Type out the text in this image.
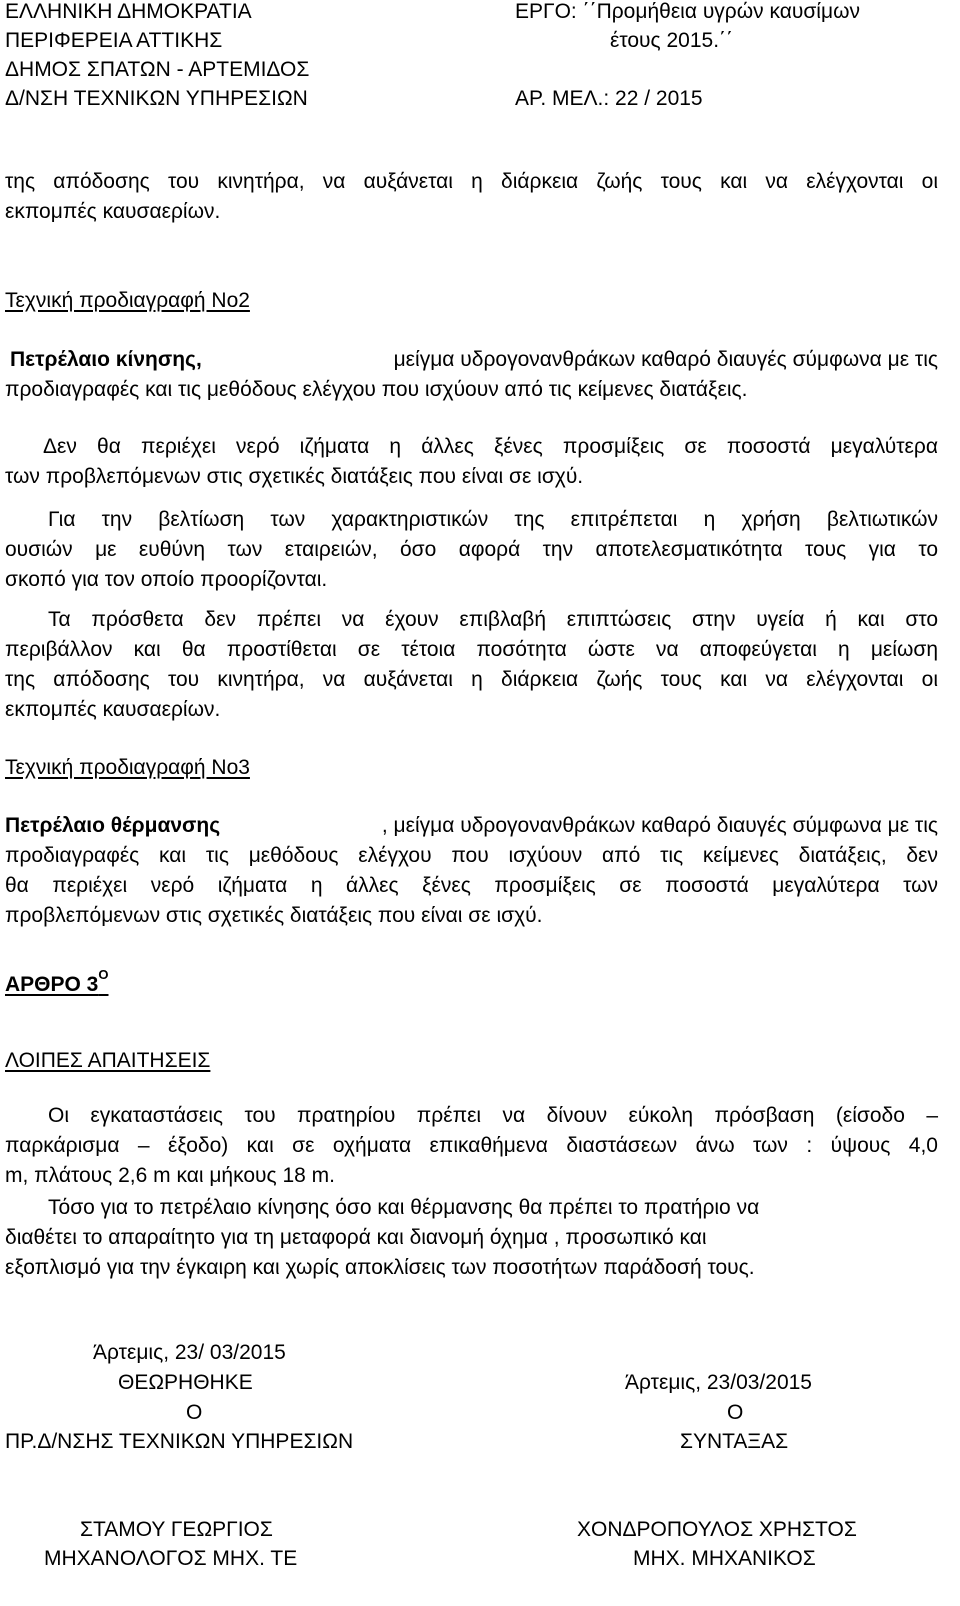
ΕΛΛΗΝΙΚΗ ΔΗΜΟΚΡΑΤΙΑ
ΠΕΡΙΦΕΡΕΙΑ ΑΤΤΙΚΗΣ
ΔΗΜΟΣ ΣΠΑΤΩΝ - ΑΡΤΕΜΙΔΟΣ
Δ/ΝΣΗ ΤΕΧΝΙΚΩΝ ΥΠΗΡΕΣΙΩΝ
ΕΡΓΟ: ΄΄Προμήθεια υγρών καυσίμων
έτους 2015.΄΄
ΑΡ. ΜΕΛ.: 22 / 2015
της απόδοσης του κινητήρα, να αυξάνεται η διάρκεια ζωής τους και να ελέγχονται οι
εκπομπές καυσαερίων.
Τεχνική προδιαγραφή Νο2
Πετρέλαιο κίνησης,	μείγμα υδρογονανθράκων καθαρό διαυγές σύμφωνα με τις
προδιαγραφές και τις μεθόδους ελέγχου που ισχύουν από τις κείμενες διατάξεις.
Δεν θα περιέχει νερό ιζήματα η άλλες ξένες προσμίξεις σε ποσοστά μεγαλύτερα
των προβλεπόμενων στις σχετικές διατάξεις που είναι σε ισχύ.
Για την βελτίωση των χαρακτηριστικών της επιτρέπεται η χρήση βελτιωτικών
ουσιών με ευθύνη των εταιρειών, όσο αφορά την αποτελεσματικότητα τους για το
σκοπό για τον οποίο προορίζονται.
Τα πρόσθετα δεν πρέπει να έχουν επιβλαβή επιπτώσεις στην υγεία ή και στο
περιβάλλον και θα προστίθεται σε τέτοια ποσότητα ώστε να αποφεύγεται η μείωση
της απόδοσης του κινητήρα, να αυξάνεται η διάρκεια ζωής τους και να ελέγχονται οι
εκπομπές καυσαερίων.
Τεχνική προδιαγραφή Νο3
Πετρέλαιο θέρμανσης	, μείγμα υδρογονανθράκων καθαρό διαυγές σύμφωνα με τις
προδιαγραφές και τις μεθόδους ελέγχου που ισχύουν από τις κείμενες διατάξεις, δεν
θα περιέχει νερό ιζήματα η άλλες ξένες προσμίξεις σε ποσοστά μεγαλύτερα των
προβλεπόμενων στις σχετικές διατάξεις που είναι σε ισχύ.
ΑΡΘΡΟ $3^O$
ΛΟΙΠΕΣ ΑΠΑΙΤΗΣΕΙΣ
Οι εγκαταστάσεις του πρατηρίου πρέπει να δίνουν εύκολη πρόσβαση (είσοδο –
παρκάρισμα – έξοδο) και σε οχήματα επικαθήμενα διαστάσεων άνω των : ύψους 4,0
m, πλάτους 2,6 m και μήκους 18 m.
Τόσο για το πετρέλαιο κίνησης όσο και θέρμανσης θα πρέπει το πρατήριο να
διαθέτει το απαραίτητο για τη μεταφορά και διανομή όχημα , προσωπικό και
εξοπλισμό για την έγκαιρη και χωρίς αποκλίσεις των ποσοτήτων παράδοσή τους.
Άρτεμις, 23/ 03/2015
ΘΕΩΡΗΘΗΚΕ
Ο
ΠΡ.Δ/ΝΣΗΣ ΤΕΧΝΙΚΩΝ ΥΠΗΡΕΣΙΩΝ
ΣΤΑΜΟΥ ΓΕΩΡΓΙΟΣ
ΜΗΧΑΝΟΛΟΓΟΣ ΜΗΧ. ΤΕ
Άρτεμις, 23/03/2015
Ο
ΣΥΝΤΑΞΑΣ
ΧΟΝΔΡΟΠΟΥΛΟΣ ΧΡΗΣΤΟΣ
ΜΗΧ. ΜΗΧΑΝΙΚΟΣ
